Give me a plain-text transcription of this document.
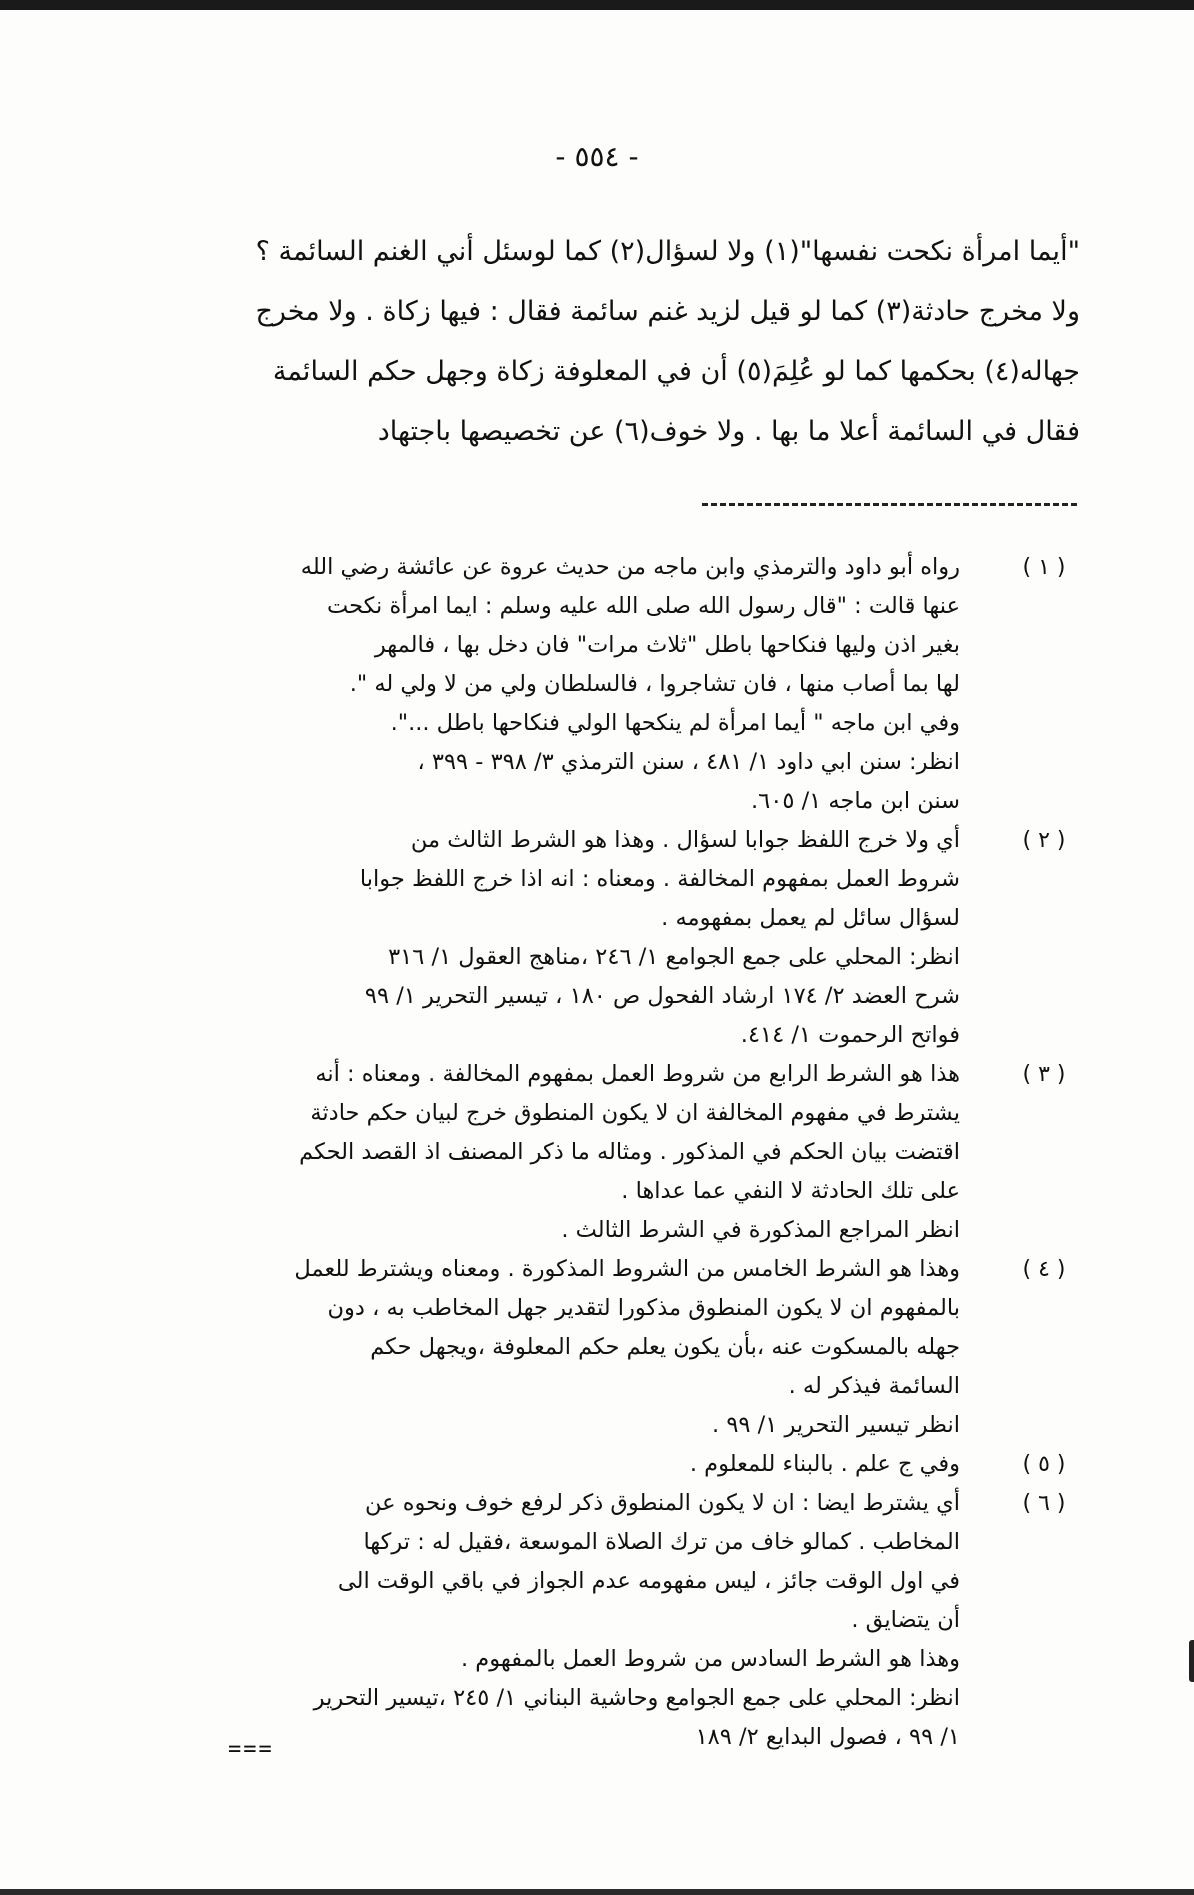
- ٥٥٤ -

"أيما امرأة نكحت نفسها"(١) ولا لسؤال(٢) كما لوسئل أني الغنم السائمة ؟

ولا مخرج حادثة(٣) كما لو قيل لزيد غنم سائمة فقال : فيها زكاة . ولا مخرج

جهاله(٤) بحكمها كما لو عُلِمَ(٥) أن في المعلوفة زكاة وجهل حكم السائمة

فقال في السائمة أعلا ما بها . ولا خوف(٦) عن تخصيصها باجتهاد

( ١ )

رواه أبو داود والترمذي وابن ماجه من حديث عروة عن عائشة رضي الله

عنها قالت : "قال رسول الله صلى الله عليه وسلم : ايما امرأة نكحت

بغير اذن وليها فنكاحها باطل "ثلاث مرات" فان دخل بها ، فالمهر

لها بما أصاب منها ، فان تشاجروا ، فالسلطان ولي من لا ولي له ".

وفي ابن ماجه " أيما امرأة لم ينكحها الولي فنكاحها باطل ...".

انظر: سنن ابي داود ١/ ٤٨١ ، سنن الترمذي ٣/ ٣٩٨ - ٣٩٩ ،

سنن ابن ماجه ١/ ٦٠٥.

( ٢ )

أي ولا خرج اللفظ جوابا لسؤال . وهذا هو الشرط الثالث من

شروط العمل بمفهوم المخالفة . ومعناه : انه اذا خرج اللفظ جوابا

لسؤال سائل لم يعمل بمفهومه .

انظر: المحلي على جمع الجوامع ١/ ٢٤٦ ،مناهج العقول ١/ ٣١٦

شرح العضد ٢/ ١٧٤ ارشاد الفحول ص ١٨٠ ، تيسير التحرير ١/ ٩٩

فواتح الرحموت ١/ ٤١٤.

( ٣ )

هذا هو الشرط الرابع من شروط العمل بمفهوم المخالفة . ومعناه : أنه

يشترط في مفهوم المخالفة ان لا يكون المنطوق خرج لبيان حكم حادثة

اقتضت بيان الحكم في المذكور . ومثاله ما ذكر المصنف اذ القصد الحكم

على تلك الحادثة لا النفي عما عداها .

انظر المراجع المذكورة في الشرط الثالث .

( ٤ )

وهذا هو الشرط الخامس من الشروط المذكورة . ومعناه ويشترط للعمل

بالمفهوم ان لا يكون المنطوق مذكورا لتقدير جهل المخاطب به ، دون

جهله بالمسكوت عنه ،بأن يكون يعلم حكم المعلوفة ،ويجهل حكم

السائمة فيذكر له .

انظر تيسير التحرير ١/ ٩٩ .

( ٥ )

وفي ج علم . بالبناء للمعلوم .

( ٦ )

أي يشترط ايضا : ان لا يكون المنطوق ذكر لرفع خوف ونحوه عن

المخاطب . كمالو خاف من ترك الصلاة الموسعة ،فقيل له : تركها

في اول الوقت جائز ، ليس مفهومه عدم الجواز في باقي الوقت الى

أن يتضايق .

وهذا هو الشرط السادس من شروط العمل بالمفهوم .

انظر: المحلي على جمع الجوامع وحاشية البناني ١/ ٢٤٥ ،تيسير التحرير

١/ ٩٩ ، فصول البدايع ٢/ ١٨٩

===
